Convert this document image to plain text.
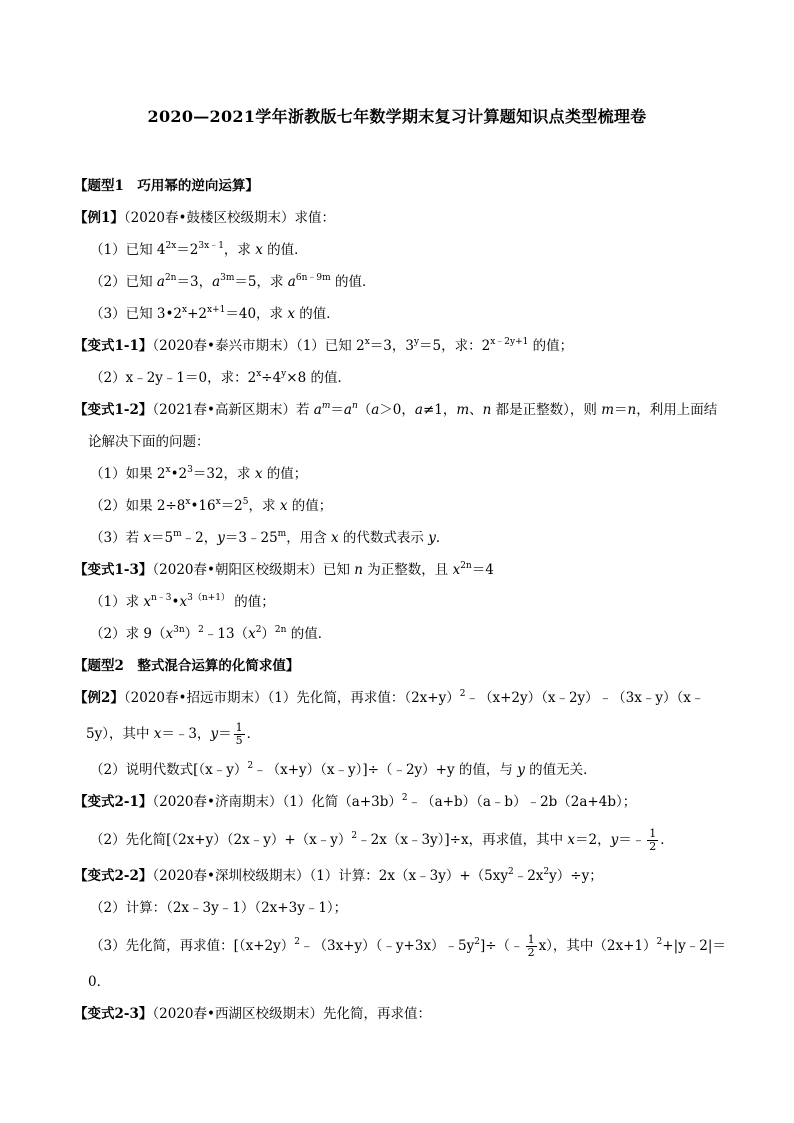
2020—2021学年浙教版七年数学期末复习计算题知识点类型梳理卷
【题型1　巧用幂的逆向运算】
【例1】（2020春•鼓楼区校级期末）求值：
（1）已知 $4^{2x}=2^{3x﹣1}$，求 x 的值．
（2）已知 $a^{2n}=3$，$a^{3m}=5$，求 $a^{6n﹣9m}$ 的值．
（3）已知 $3•2^x+2^{x+1}=40$，求 x 的值．
【变式1-1】（2020春•泰兴市期末）（1）已知 $2^x=3$，$3^y=5$，求：$2^{x﹣2y+1}$ 的值；
（2）x﹣2y﹣1＝0，求：$2^x\div 4^y\times 8$ 的值．
【变式1-2】（2021春•高新区期末）若 $a^m=a^n(a>0$，a≠1，m、n 都是正整数），则 m＝n，利用上面结
论解决下面的问题：
（1）如果 $2^x•2^3=32$，求 x 的值；
（2）如果 $2\div 8^x•16^x=2^5$，求 x 的值；
（3）若 $x=5^m﹣2$，$y=3﹣25^m$，用含 x 的代数式表示 y．
【变式1-3】（2020春•朝阳区校级期末）已知 n 为正整数，且 $x^{2n}=4$
（1）求 $x^{n﹣3}•x^{3(n+1)}$ 的值；
（2）求 $9(x^{3n})^2﹣13(x^2)^{2n}$ 的值．
【题型2　整式混合运算的化简求值】
【例2】（2020春•招远市期末）（1）先化简，再求值：$(2x+y)^2﹣(x+2y)(x﹣2y)﹣(3x﹣y)(x﹣$
5y），其中 x＝﹣3，$y= \frac{1}{5}$ ．
（2）说明代数式[（x﹣y）$^2$﹣（x+y）（x﹣y）]÷（﹣2y）+y 的值，与 y 的值无关．
【变式2-1】（2020春•济南期末）（1）化简$(a+3b)^2﹣(a+b)(a﹣b)﹣2b(2a+4b)$；
（2）先化简[（2x+y）（2x﹣y）+（x﹣y）$^2$﹣2x（x﹣3y）]÷x，再求值，其中 x＝2，y＝﹣ $\frac{1}{2}$ ．
【变式2-2】（2020春•深圳校级期末）（1）计算：$2x(x﹣3y)+(5xy^2﹣2x^2y)\div y$；
（2）计算：（2x﹣3y﹣1）（2x+3y﹣1）；
（3）先化简，再求值：$[(x+2y)^2﹣(3x+y)(﹣y+3x)﹣5y^2]\div(﹣ \frac{1}{2} x)$，其中$(2x+1)^2+|y﹣2|=$
0．
【变式2-3】（2020春•西湖区校级期末）先化简，再求值：
